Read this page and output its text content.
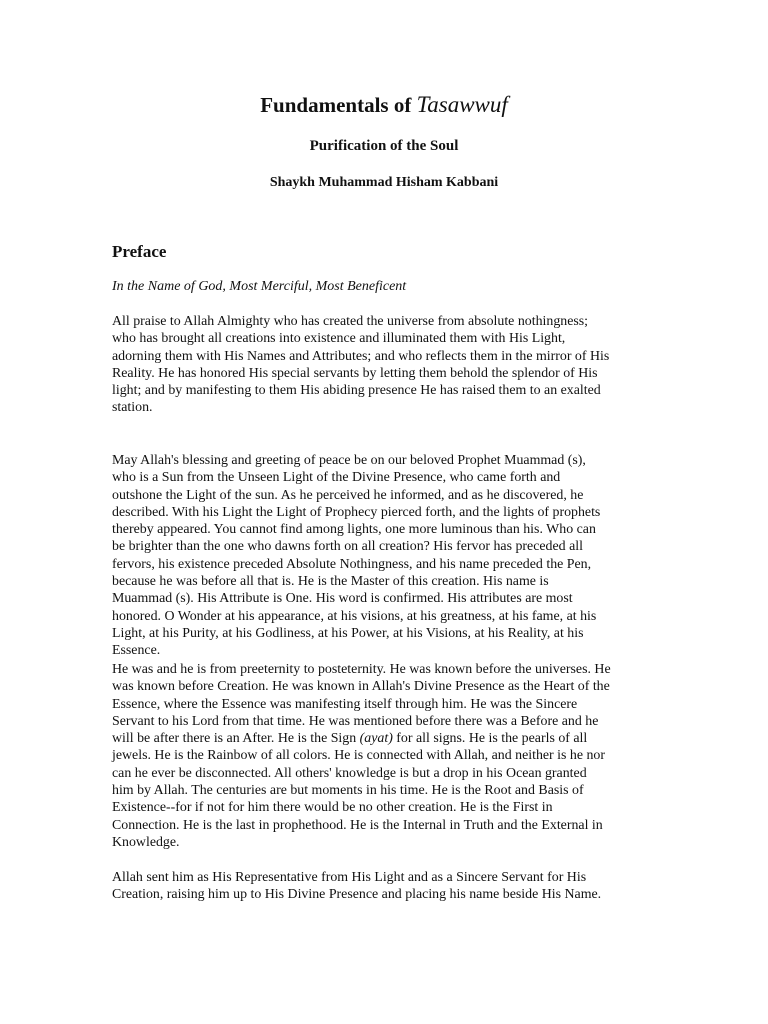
Fundamentals of Tasawwuf
Purification of the Soul
Shaykh Muhammad Hisham Kabbani
Preface
In the Name of God, Most Merciful, Most Beneficent

All praise to Allah Almighty who has created the universe from absolute nothingness;
who has brought all creations into existence and illuminated them with His Light,
adorning them with His Names and Attributes; and who reflects them in the mirror of His
Reality. He has honored His special servants by letting them behold the splendor of His
light; and by manifesting to them His abiding presence He has raised them to an exalted
station.

May Allah's blessing and greeting of peace be on our beloved Prophet Muammad (s),
who is a Sun from the Unseen Light of the Divine Presence, who came forth and
outshone the Light of the sun. As he perceived he informed, and as he discovered, he
described. With his Light the Light of Prophecy pierced forth, and the lights of prophets
thereby appeared. You cannot find among lights, one more luminous than his. Who can
be brighter than the one who dawns forth on all creation? His fervor has preceded all
fervors, his existence preceded Absolute Nothingness, and his name preceded the Pen,
because he was before all that is. He is the Master of this creation. His name is
Muammad (s). His Attribute is One. His word is confirmed. His attributes are most
honored. O Wonder at his appearance, at his visions, at his greatness, at his fame, at his
Light, at his Purity, at his Godliness, at his Power, at his Visions, at his Reality, at his
Essence.

He was and he is from preeternity to posteternity. He was known before the universes. He
was known before Creation. He was known in Allah's Divine Presence as the Heart of the
Essence, where the Essence was manifesting itself through him. He was the Sincere
Servant to his Lord from that time. He was mentioned before there was a Before and he
will be after there is an After. He is the Sign (ayat) for all signs. He is the pearls of all
jewels. He is the Rainbow of all colors. He is connected with Allah, and neither is he nor
can he ever be disconnected. All others' knowledge is but a drop in his Ocean granted
him by Allah. The centuries are but moments in his time. He is the Root and Basis of
Existence--for if not for him there would be no other creation. He is the First in
Connection. He is the last in prophethood. He is the Internal in Truth and the External in
Knowledge.

Allah sent him as His Representative from His Light and as a Sincere Servant for His
Creation, raising him up to His Divine Presence and placing his name beside His Name.
